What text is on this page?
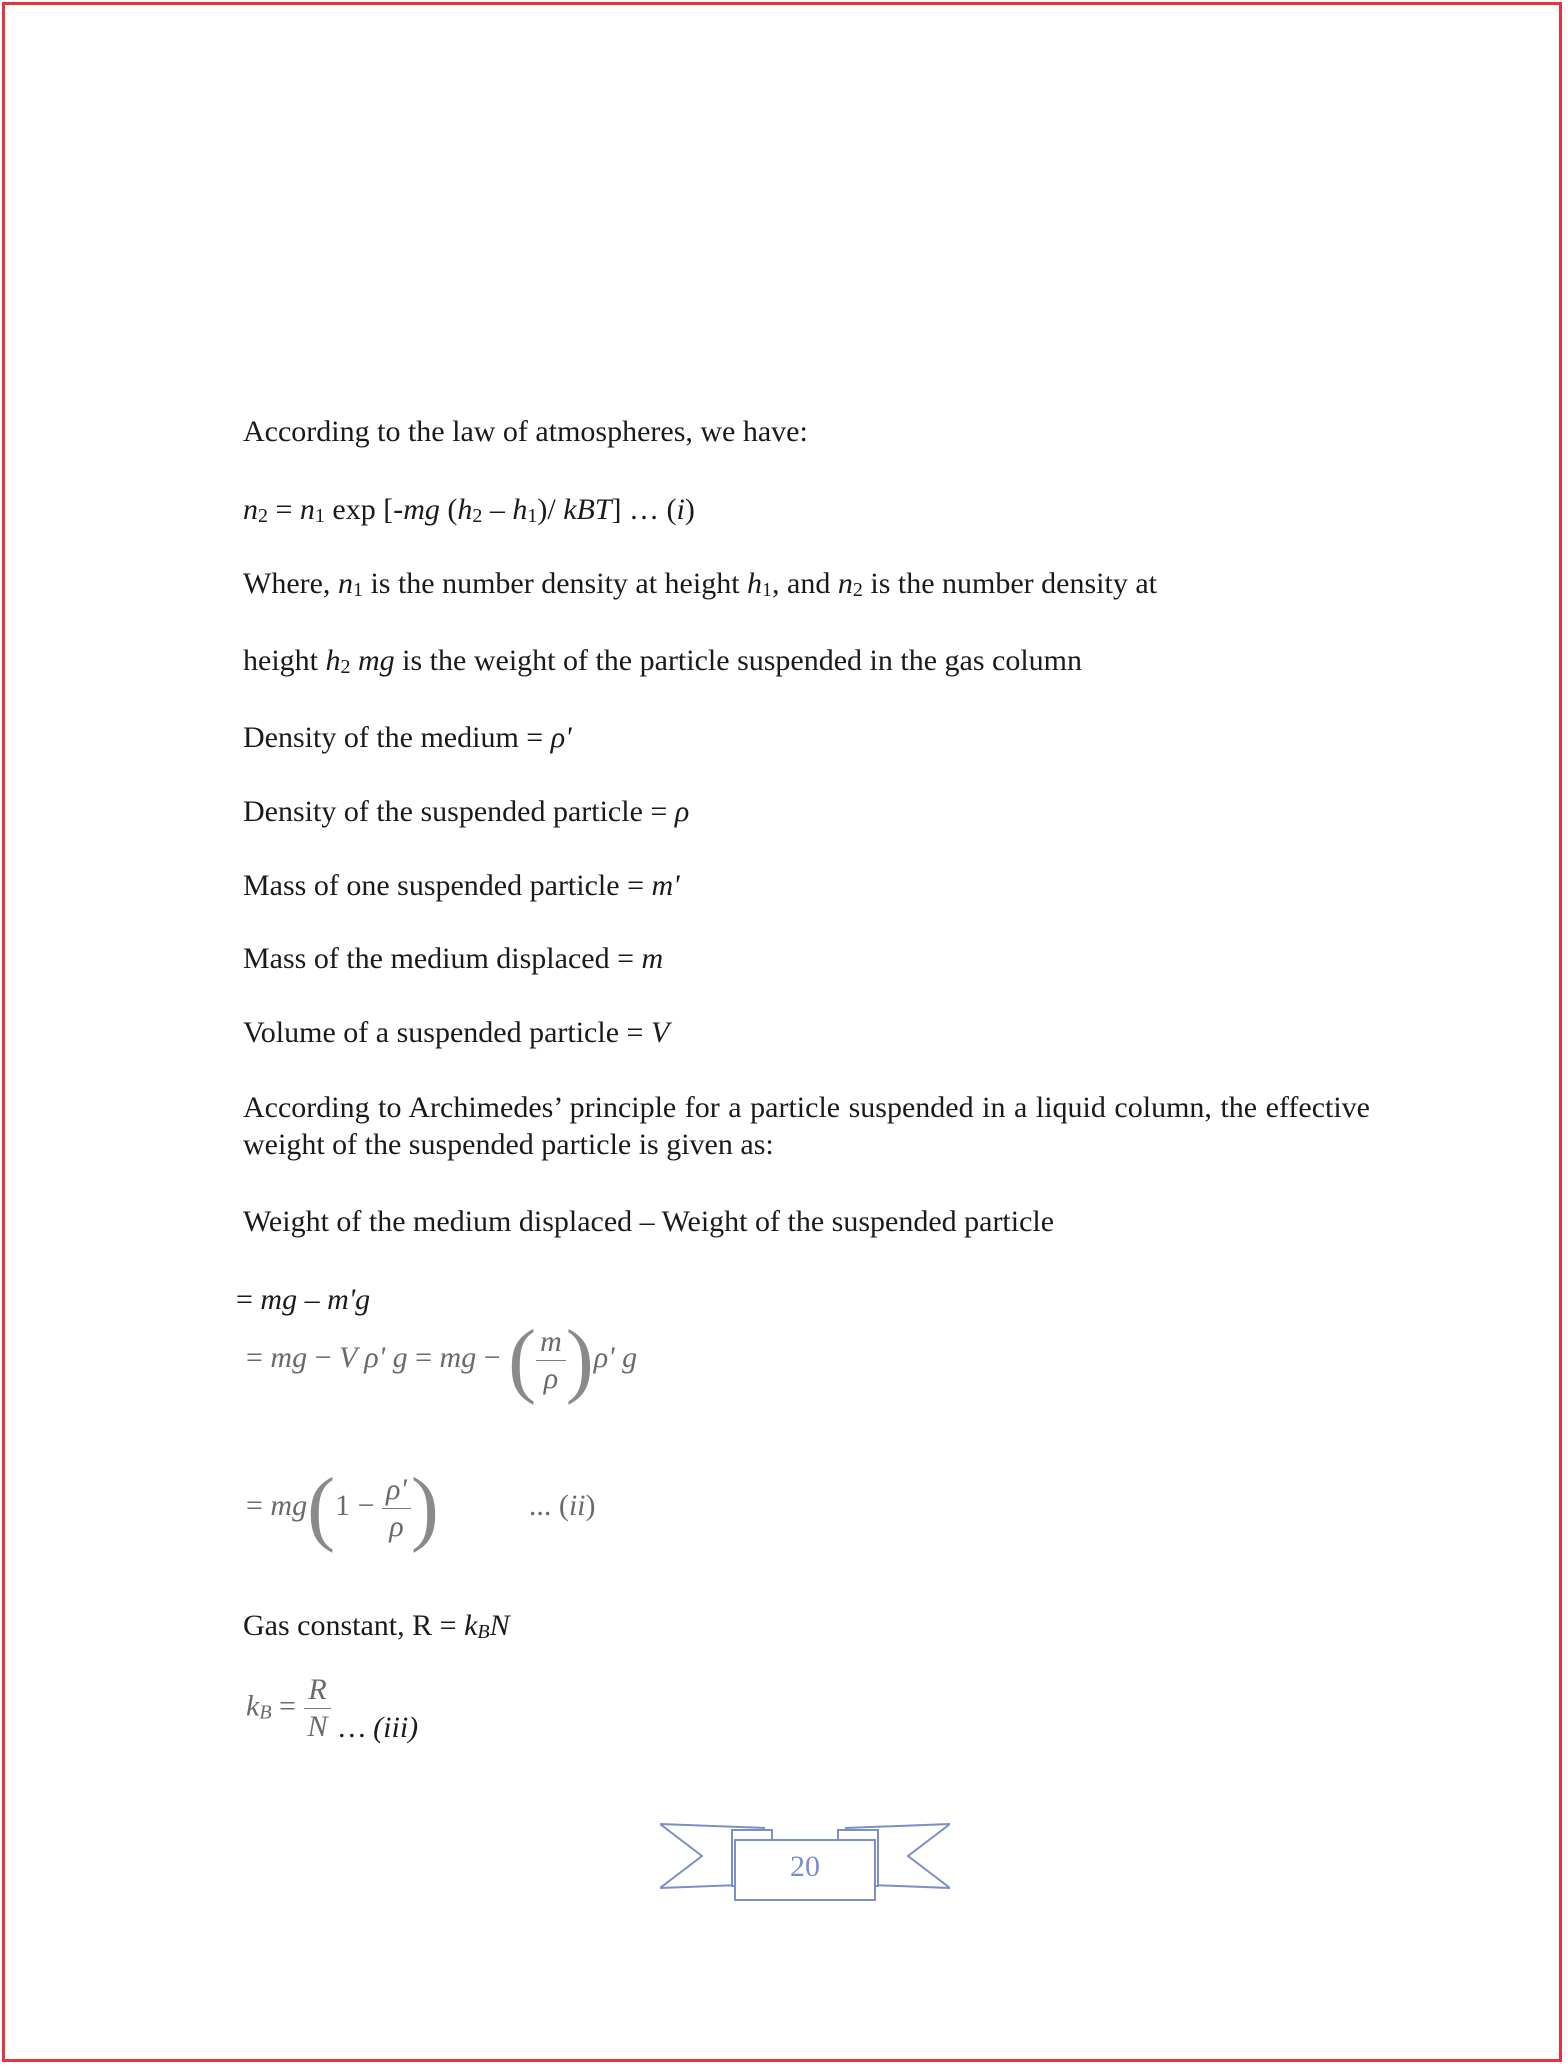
According to the law of atmospheres, we have:
$n_2 = n_1$ exp [-mg $(h_2 - h_1)/$ kBT] … (i)
Where, $n_1$ is the number density at height $h_1$, and $n_2$ is the number density at
height $h_2$ mg is the weight of the particle suspended in the gas column
Density of the medium = ρ'
Density of the suspended particle = ρ
Mass of one suspended particle = m'
Mass of the medium displaced = m
Volume of a suspended particle = V
According to Archimedes’ principle for a particle suspended in a liquid column, the effective weight of the suspended particle is given as:
Weight of the medium displaced – Weight of the suspended particle
= mg – m'g
= mg − V ρ' g = mg − ( $\frac{m}{\rho} )\rho'$ g
= $mg(1 - \frac{\rho'}{\rho}$ )	... (ii)
Gas constant, $R = k_BN$
$k_B = \frac{R}{N}$ … (iii)
20
